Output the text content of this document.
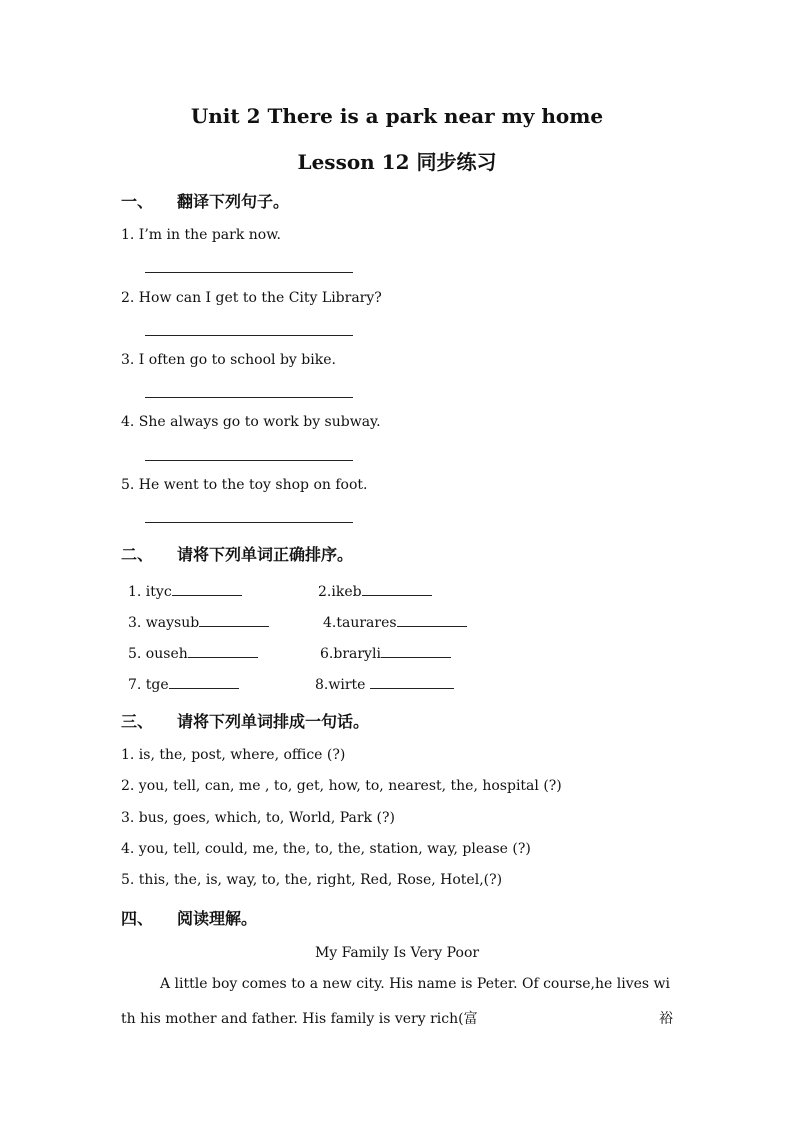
Unit 2 There is a park near my home
Lesson 12 同步练习
一、 翻译下列句子。
1. I’m in the park now.
2. How can I get to the City Library?
3. I often go to school by bike.
4. She always go to work by subway.
5. He went to the toy shop on foot.
二、 请将下列单词正确排序。
1. ityc	2.ikeb
3. waysub	4.taurares
5. ouseh	6.braryli
7. tge	8.wirte
三、 请将下列单词排成一句话。
1. is, the, post, where, office (?)
2. you, tell, can, me , to, get, how, to, nearest, the, hospital (?)
3. bus, goes, which, to, World, Park (?)
4. you, tell, could, me, the, to, the, station, way, please (?)
5. this, the, is, way, to, the, right, Red, Rose, Hotel,(?)
四、 阅读理解。
My Family Is Very Poor
A little boy comes to a new city. His name is Peter. Of course,he lives wi
th his mother and father. His family is very rich(富	裕
